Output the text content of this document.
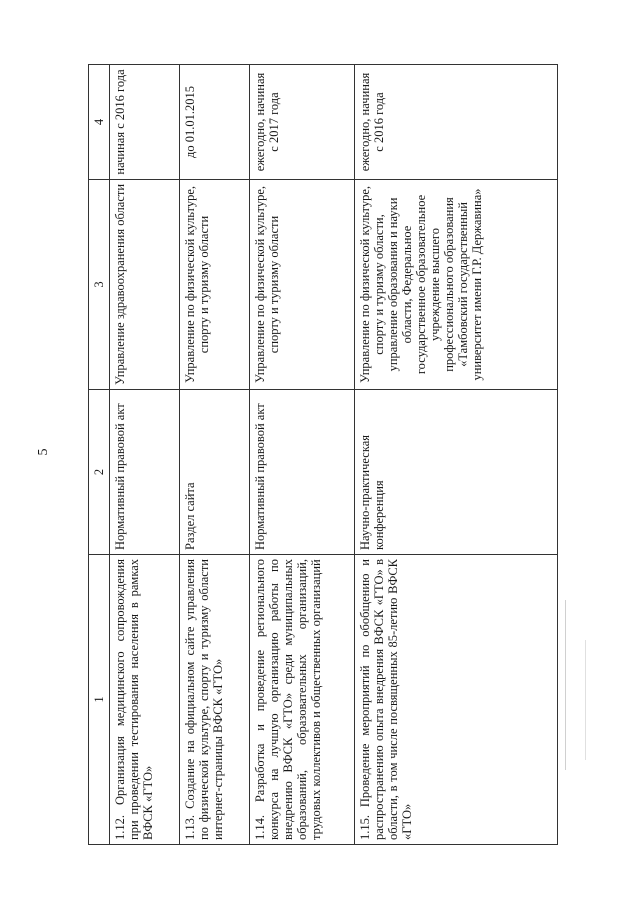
5
1	2	3	4
1.12. Организация медицинского сопровождения при проведении тестирования населения в рамках ВФСК «ГТО»	Нормативный правовой акт	Управление здравоохранения области	начиная с 2016 года
1.13. Создание на официальном сайте управления по физической культуре, спорту и туризму области интернет-страницы ВФСК «ГТО»	Раздел сайта	Управление по физической культуре, спорту и туризму области	до 01.01.2015
1.14. Разработка и проведение регионального конкурса на лучшую организацию работы по внедрению ВФСК «ГТО» среди муниципальных образований, образовательных организаций, трудовых коллективов и общественных организаций	Нормативный правовой акт	Управление по физической культуре, спорту и туризму области	ежегодно, начиная с 2017 года
1.15. Проведение мероприятий по обобщению и распространению опыта внедрения ВФСК «ГТО» в области, в том числе посвященных 85-летию ВФСК «ГТО»	Научно-практическая конференция	Управление по физической культуре, спорту и туризму области, управление образования и науки области, Федеральное государственное образовательное учреждение высшего профессионального образования «Тамбовский государственный университет имени Г.Р. Державина»	ежегодно, начиная с 2016 года
